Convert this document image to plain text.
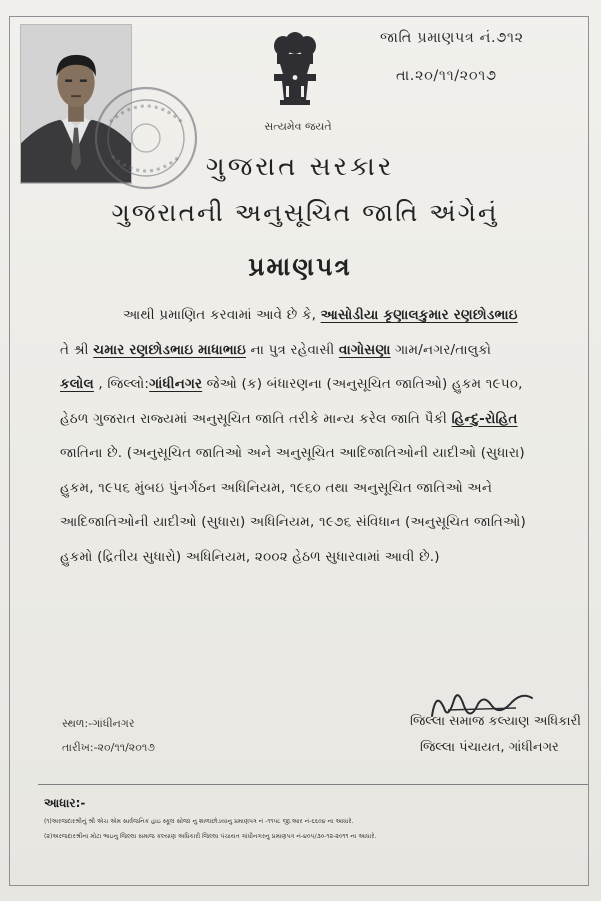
સત્યમેવ જયતે
જાતિ પ્રમાણપત્ર નં.૭૧૨
તા.૨૦/૧૧/૨૦૧૭
ગુજરાત સરકાર
ગુજરાતની અનુસૂચિત જાતિ અંગેનું
પ્રમાણપત્ર
આથી પ્રમાણિત કરવામાં આવે છે કે, આસોડીયા કૃણાલકુમાર રણછોડભાઇ
તે શ્રી ચમાર રણછોડભાઇ માધાભાઇ ના પુત્ર રહેવાસી વાગોસણા ગામ/નગર/તાલુકો
કલોલ , જિલ્લો:ગાંધીનગર જેઓ (ક) બંધારણના (અનુસૂચિત જાતિઓ) હુકમ ૧૯૫૦,
હેઠળ ગુજરાત રાજ્યમાં અનુસૂચિત જાતિ તરીકે માન્ય કરેલ જાતિ પૈકી હિન્દુ-રોહિત
જાતિના છે. (અનુસૂચિત જાતિઓ અને અનુસૂચિત આદિજાતિઓની યાદીઓ (સુધારા)
હુકમ, ૧૯૫૬ મુંબઇ પુંનર્ગઠન અધિનિયમ, ૧૯૬૦ તથા અનુસૂચિત જાતિઓ અને
આદિજાતિઓની યાદીઓ (સુધારા) અધિનિયમ, ૧૯૭૬ સંવિધાન (અનુસૂચિત જાતિઓ)
હુકમો (દ્રિતીય સુધારો) અધિનિયમ, ૨૦૦૨ હેઠળ સુધારવામાં આવી છે.)
સ્થળ:-ગાંધીનગર
તારીખ:-૨૦/૧૧/૨૦૧૭
જિલ્લા સમાજ કલ્યાણ અધિકારી
જિલ્લા પંચાયત, ગાંધીનગર
આધાર:-
(૧)અરજદારશ્રીનું શ્રી એચ એમ સાર્વજનિક હાઇ સ્કૂલ સોજા નુ શાળાછોડયાનુ પ્રમાણપત્ર નં -૧૧૫૮ જી.આર નં-૬૬૦૪ ના આધારે.
(૨)અરજદારશ્રીના મોટા ભાઇનુ જિલ્લા સમાજ કલ્યાણ અધિકારી જિલ્લા પંચાયત ગાંધીનગરનુ પ્રમાણપત્ર નં-૪૦૫/૩૦-૧૨-૨૦૧૧ ના આધારે.
